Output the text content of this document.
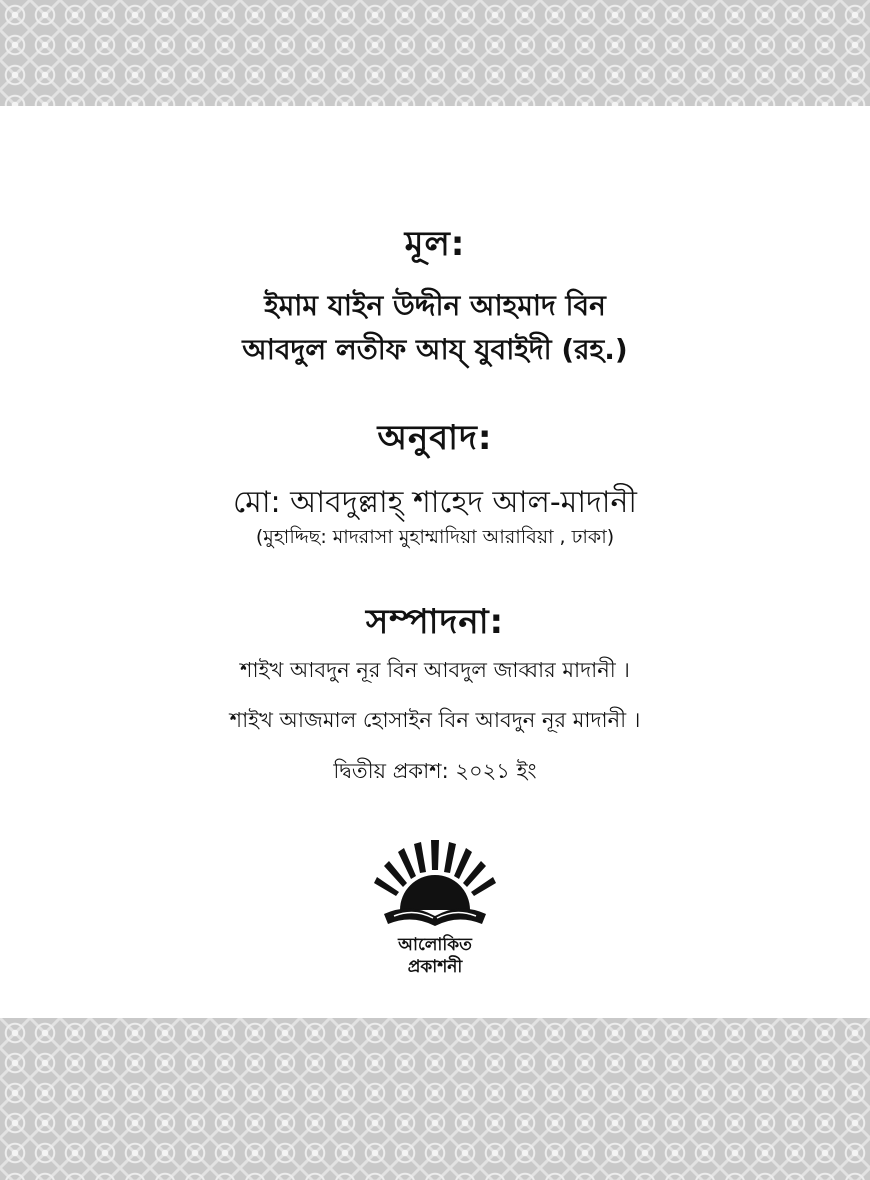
মূল:
ইমাম যাইন উদ্দীন আহমাদ বিন
আবদুল লতীফ আয্ যুবাইদী (রহ.)
অনুবাদ:
মো: আবদুল্লাহ্ শাহেদ আল-মাদানী
(মুহাদ্দিছ: মাদরাসা মুহাম্মাদিয়া আরাবিয়া , ঢাকা)
সম্পাদনা:
শাইখ আবদুন নূর বিন আবদুল জাব্বার মাদানী ।
শাইখ আজমাল হোসাইন বিন আবদুন নূর মাদানী ।
দ্বিতীয় প্রকাশ: ২০২১ ইং
আলোকিত
প্রকাশনী
